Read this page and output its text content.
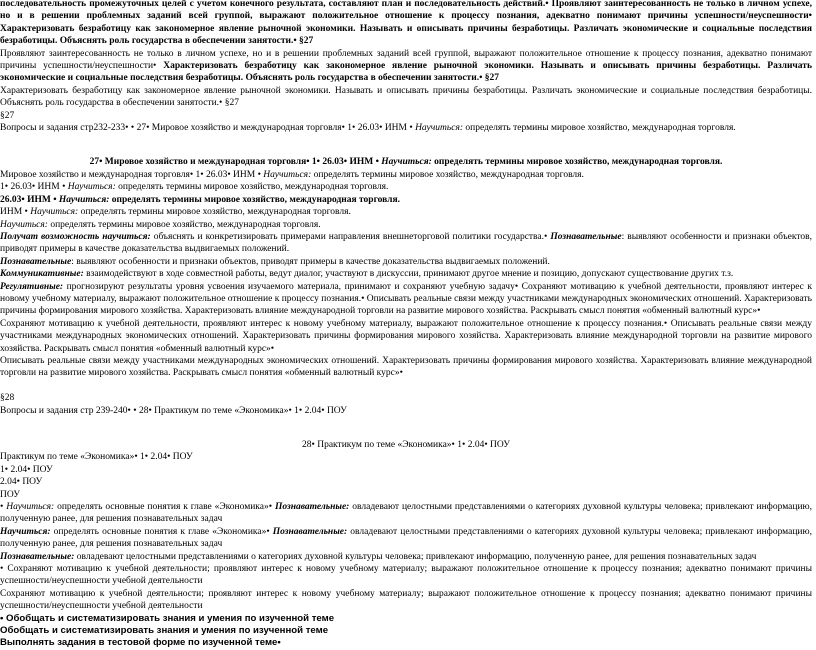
последовательность промежуточных целей с учетом конечного результата, составляют план и последовательность действий.• Проявляют заинтересованность не только в личном успехе, но и в решении проблемных заданий всей группой, выражают положительное отношение к процессу познания, адекватно понимают причины успешности/неуспешности• Характеризовать безработицу как закономерное явление рыночной экономики. Называть и описывать причины безработицы. Различать экономические и социальные последствия безработицы. Объяснять роль государства в обеспечении занятости.• §27

Проявляют заинтересованность не только в личном успехе, но и в решении проблемных заданий всей группой, выражают положительное отношение к процессу познания, адекватно понимают причины успешности/неуспешности• Характеризовать безработицу как закономерное явление рыночной экономики. Называть и описывать причины безработицы. Различать экономические и социальные последствия безработицы. Объяснять роль государства в обеспечении занятости.• §27

Характеризовать безработицу как закономерное явление рыночной экономики. Называть и описывать причины безработицы. Различать экономические и социальные последствия безработицы. Объяснять роль государства в обеспечении занятости.• §27

§27

Вопросы и задания стр232-233• • 27• Мировое хозяйство и международная торговля• 1• 26.03• ИНМ • Научиться: определять термины мировое хозяйство, международная торговля.

27• Мировое хозяйство и международная торговля• 1• 26.03• ИНМ • Научиться: определять термины мировое хозяйство, международная торговля.

Мировое хозяйство и международная торговля• 1• 26.03• ИНМ • Научиться: определять термины мировое хозяйство, международная торговля.

1• 26.03• ИНМ • Научиться: определять термины мировое хозяйство, международная торговля.

26.03• ИНМ • Научиться: определять термины мировое хозяйство, международная торговля.

ИНМ • Научиться: определять термины мировое хозяйство, международная торговля.

Научиться: определять термины мировое хозяйство, международная торговля.

Получат возможность научиться: объяснять и конкретизировать примерами направления внешнеторговой политики государства.• Познавательные: выявляют особенности и признаки объектов, приводят примеры в качестве доказательства выдвигаемых положений.

Познавательные: выявляют особенности и признаки объектов, приводят примеры в качестве доказательства выдвигаемых положений.

Коммуникативные: взаимодействуют в ходе совместной работы, ведут диалог, участвуют в дискуссии, принимают другое мнение и позицию, допускают существование других т.з.

Регулятивные: прогнозируют результаты уровня усвоения изучаемого материала, принимают и сохраняют учебную задачу• Сохраняют мотивацию к учебной деятельности, проявляют интерес к новому учебному материалу, выражают положительное отношение к процессу познания.• Описывать реальные связи между участниками международных экономических отношений. Характеризовать причины формирования мирового хозяйства. Характеризовать влияние международной торговли на развитие мирового хозяйства. Раскрывать смысл понятия «обменный валютный курс»•

Сохраняют мотивацию к учебной деятельности, проявляют интерес к новому учебному материалу, выражают положительное отношение к процессу познания.• Описывать реальные связи между участниками международных экономических отношений. Характеризовать причины формирования мирового хозяйства. Характеризовать влияние международной торговли на развитие мирового хозяйства. Раскрывать смысл понятия «обменный валютный курс»•

Описывать реальные связи между участниками международных экономических отношений. Характеризовать причины формирования мирового хозяйства. Характеризовать влияние международной торговли на развитие мирового хозяйства. Раскрывать смысл понятия «обменный валютный курс»•

§28

Вопросы и задания стр 239-240• • 28• Практикум по теме «Экономика»• 1• 2.04• ПОУ

28• Практикум по теме «Экономика»• 1• 2.04• ПОУ

Практикум по теме «Экономика»• 1• 2.04• ПОУ

1• 2.04• ПОУ

2.04• ПОУ

ПОУ

• Научиться: определять основные понятия к главе «Экономика»• Познавательные: овладевают целостными представлениями о категориях духовной культуры человека; привлекают информацию, полученную ранее, для решения познавательных задач

Научиться: определять основные понятия к главе «Экономика»• Познавательные: овладевают целостными представлениями о категориях духовной культуры человека; привлекают информацию, полученную ранее, для решения познавательных задач

Познавательные: овладевают целостными представлениями о категориях духовной культуры человека; привлекают информацию, полученную ранее, для решения познавательных задач

• Сохраняют мотивацию к учебной деятельности; проявляют интерес к новому учебному материалу; выражают положительное отношение к процессу познания; адекватно понимают причины успешности/неуспешности учебной деятельности

Сохраняют мотивацию к учебной деятельности; проявляют интерес к новому учебному материалу; выражают положительное отношение к процессу познания; адекватно понимают причины успешности/неуспешности учебной деятельности

• Обобщать и систематизировать знания и умения по изученной теме

Обобщать и систематизировать знания и умения по изученной теме

Выполнять задания в тестовой форме по изученной теме•
